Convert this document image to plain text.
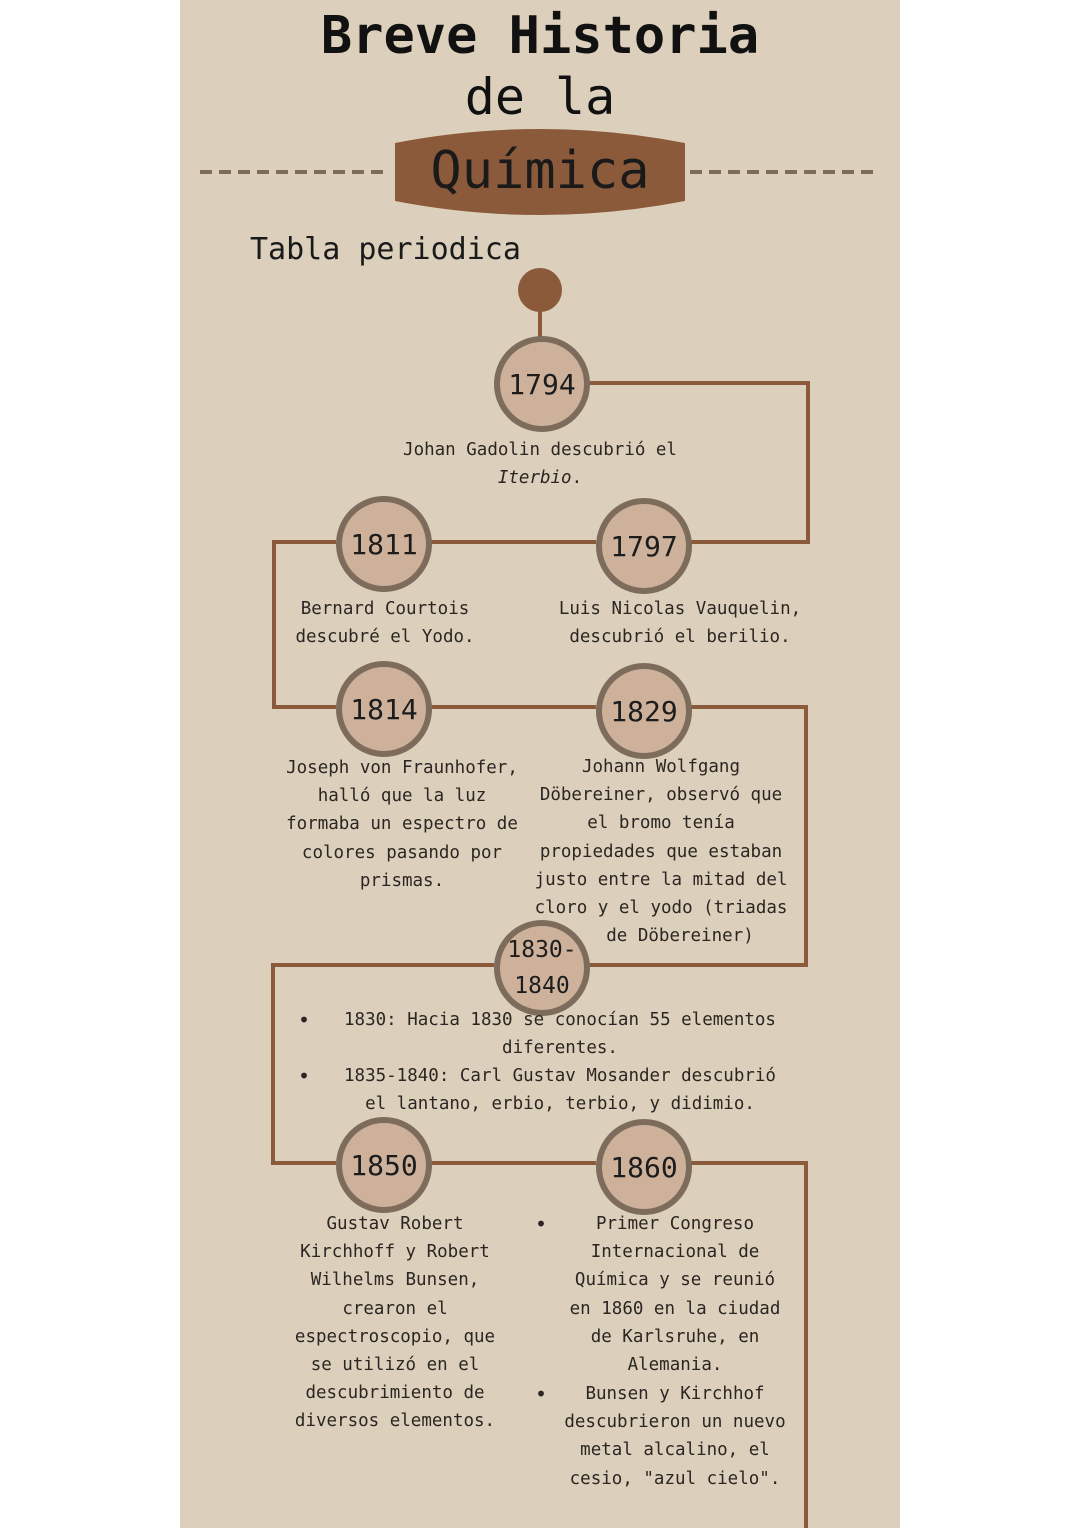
Breve Historia
de la
Química
Tabla periodica
1794
Johan Gadolin descubrió el
Iterbio.
1811	1797
Bernard Courtois
descubré el Yodo.
Luis Nicolas Vauquelin,
descubrió el berilio.
1814	1829
Joseph von Fraunhofer,
halló que la luz
formaba un espectro de
colores pasando por
prismas.
Johann Wolfgang
Döbereiner, observó que
el bromo tenía
propiedades que estaban
justo entre la mitad del
cloro y el yodo (triadas
de Döbereiner)
1830-
1840
•	1830: Hacia 1830 se conocían 55 elementos
diferentes.
•	1835-1840: Carl Gustav Mosander descubrió
el lantano, erbio, terbio, y didimio.
1850	1860
Gustav Robert
Kirchhoff y Robert
Wilhelms Bunsen,
crearon el
espectroscopio, que
se utilizó en el
descubrimiento de
diversos elementos.
•	Primer Congreso
Internacional de
Química y se reunió
en 1860 en la ciudad
de Karlsruhe, en
Alemania.
•	Bunsen y Kirchhof
descubrieron un nuevo
metal alcalino, el
cesio, "azul cielo".
